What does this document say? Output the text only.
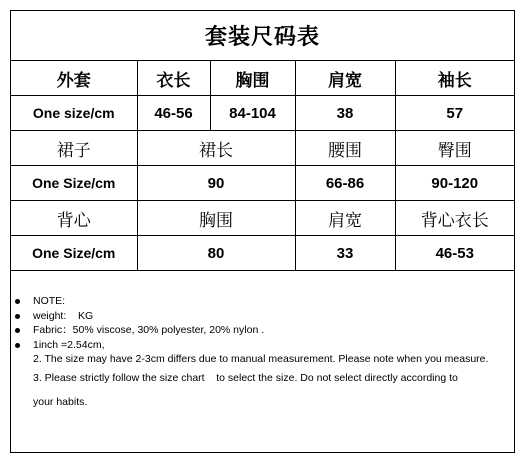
套装尺码表
外套	衣长	胸围	肩宽	袖长
One size/cm	46-56	84-104	38	57
裙子	裙长		腰围	臀围
One Size/cm	90		66-86	90-120
背心	胸围		肩宽	背心衣长
One Size/cm	80		33	46-53
NOTE:
weight:    KG
Fabric：50% viscose, 30% polyester, 20% nylon .
1inch =2.54cm,
2. The size may have 2-3cm differs due to manual measurement. Please note when you measure.
3. Please strictly follow the size chart    to select the size. Do not select directly according to
your habits.
